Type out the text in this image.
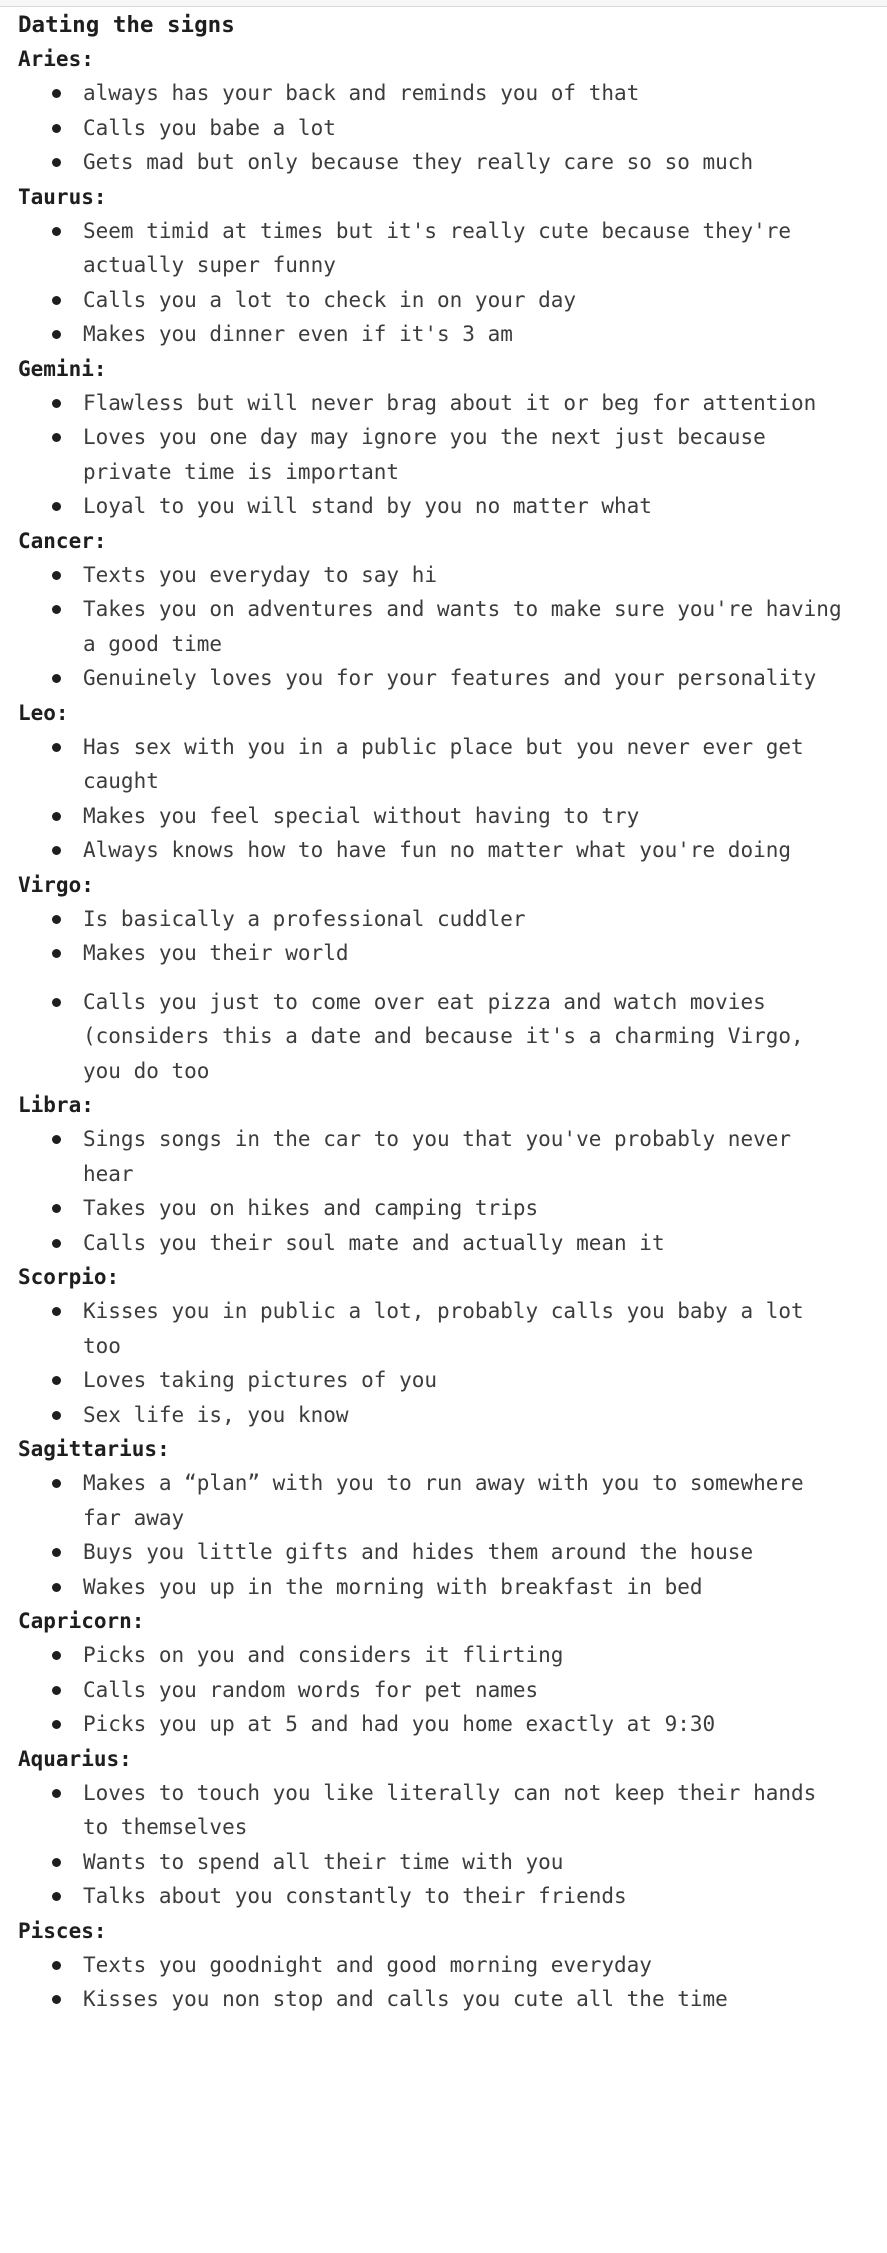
Dating the signs
Aries:
always has your back and reminds you of that
Calls you babe a lot
Gets mad but only because they really care so so much
Taurus:
Seem timid at times but it's really cute because they're actually super funny
Calls you a lot to check in on your day
Makes you dinner even if it's 3 am
Gemini:
Flawless but will never brag about it or beg for attention
Loves you one day may ignore you the next just because private time is important
Loyal to you will stand by you no matter what
Cancer:
Texts you everyday to say hi
Takes you on adventures and wants to make sure you're having a good time
Genuinely loves you for your features and your personality
Leo:
Has sex with you in a public place but you never ever get caught
Makes you feel special without having to try
Always knows how to have fun no matter what you're doing
Virgo:
Is basically a professional cuddler
Makes you their world
Calls you just to come over eat pizza and watch movies (considers this a date and because it's a charming Virgo, you do too
Libra:
Sings songs in the car to you that you've probably never hear
Takes you on hikes and camping trips
Calls you their soul mate and actually mean it
Scorpio:
Kisses you in public a lot, probably calls you baby a lot too
Loves taking pictures of you
Sex life is, you know
Sagittarius:
Makes a “plan” with you to run away with you to somewhere far away
Buys you little gifts and hides them around the house
Wakes you up in the morning with breakfast in bed
Capricorn:
Picks on you and considers it flirting
Calls you random words for pet names
Picks you up at 5 and had you home exactly at 9:30
Aquarius:
Loves to touch you like literally can not keep their hands to themselves
Wants to spend all their time with you
Talks about you constantly to their friends
Pisces:
Texts you goodnight and good morning everyday
Kisses you non stop and calls you cute all the time
